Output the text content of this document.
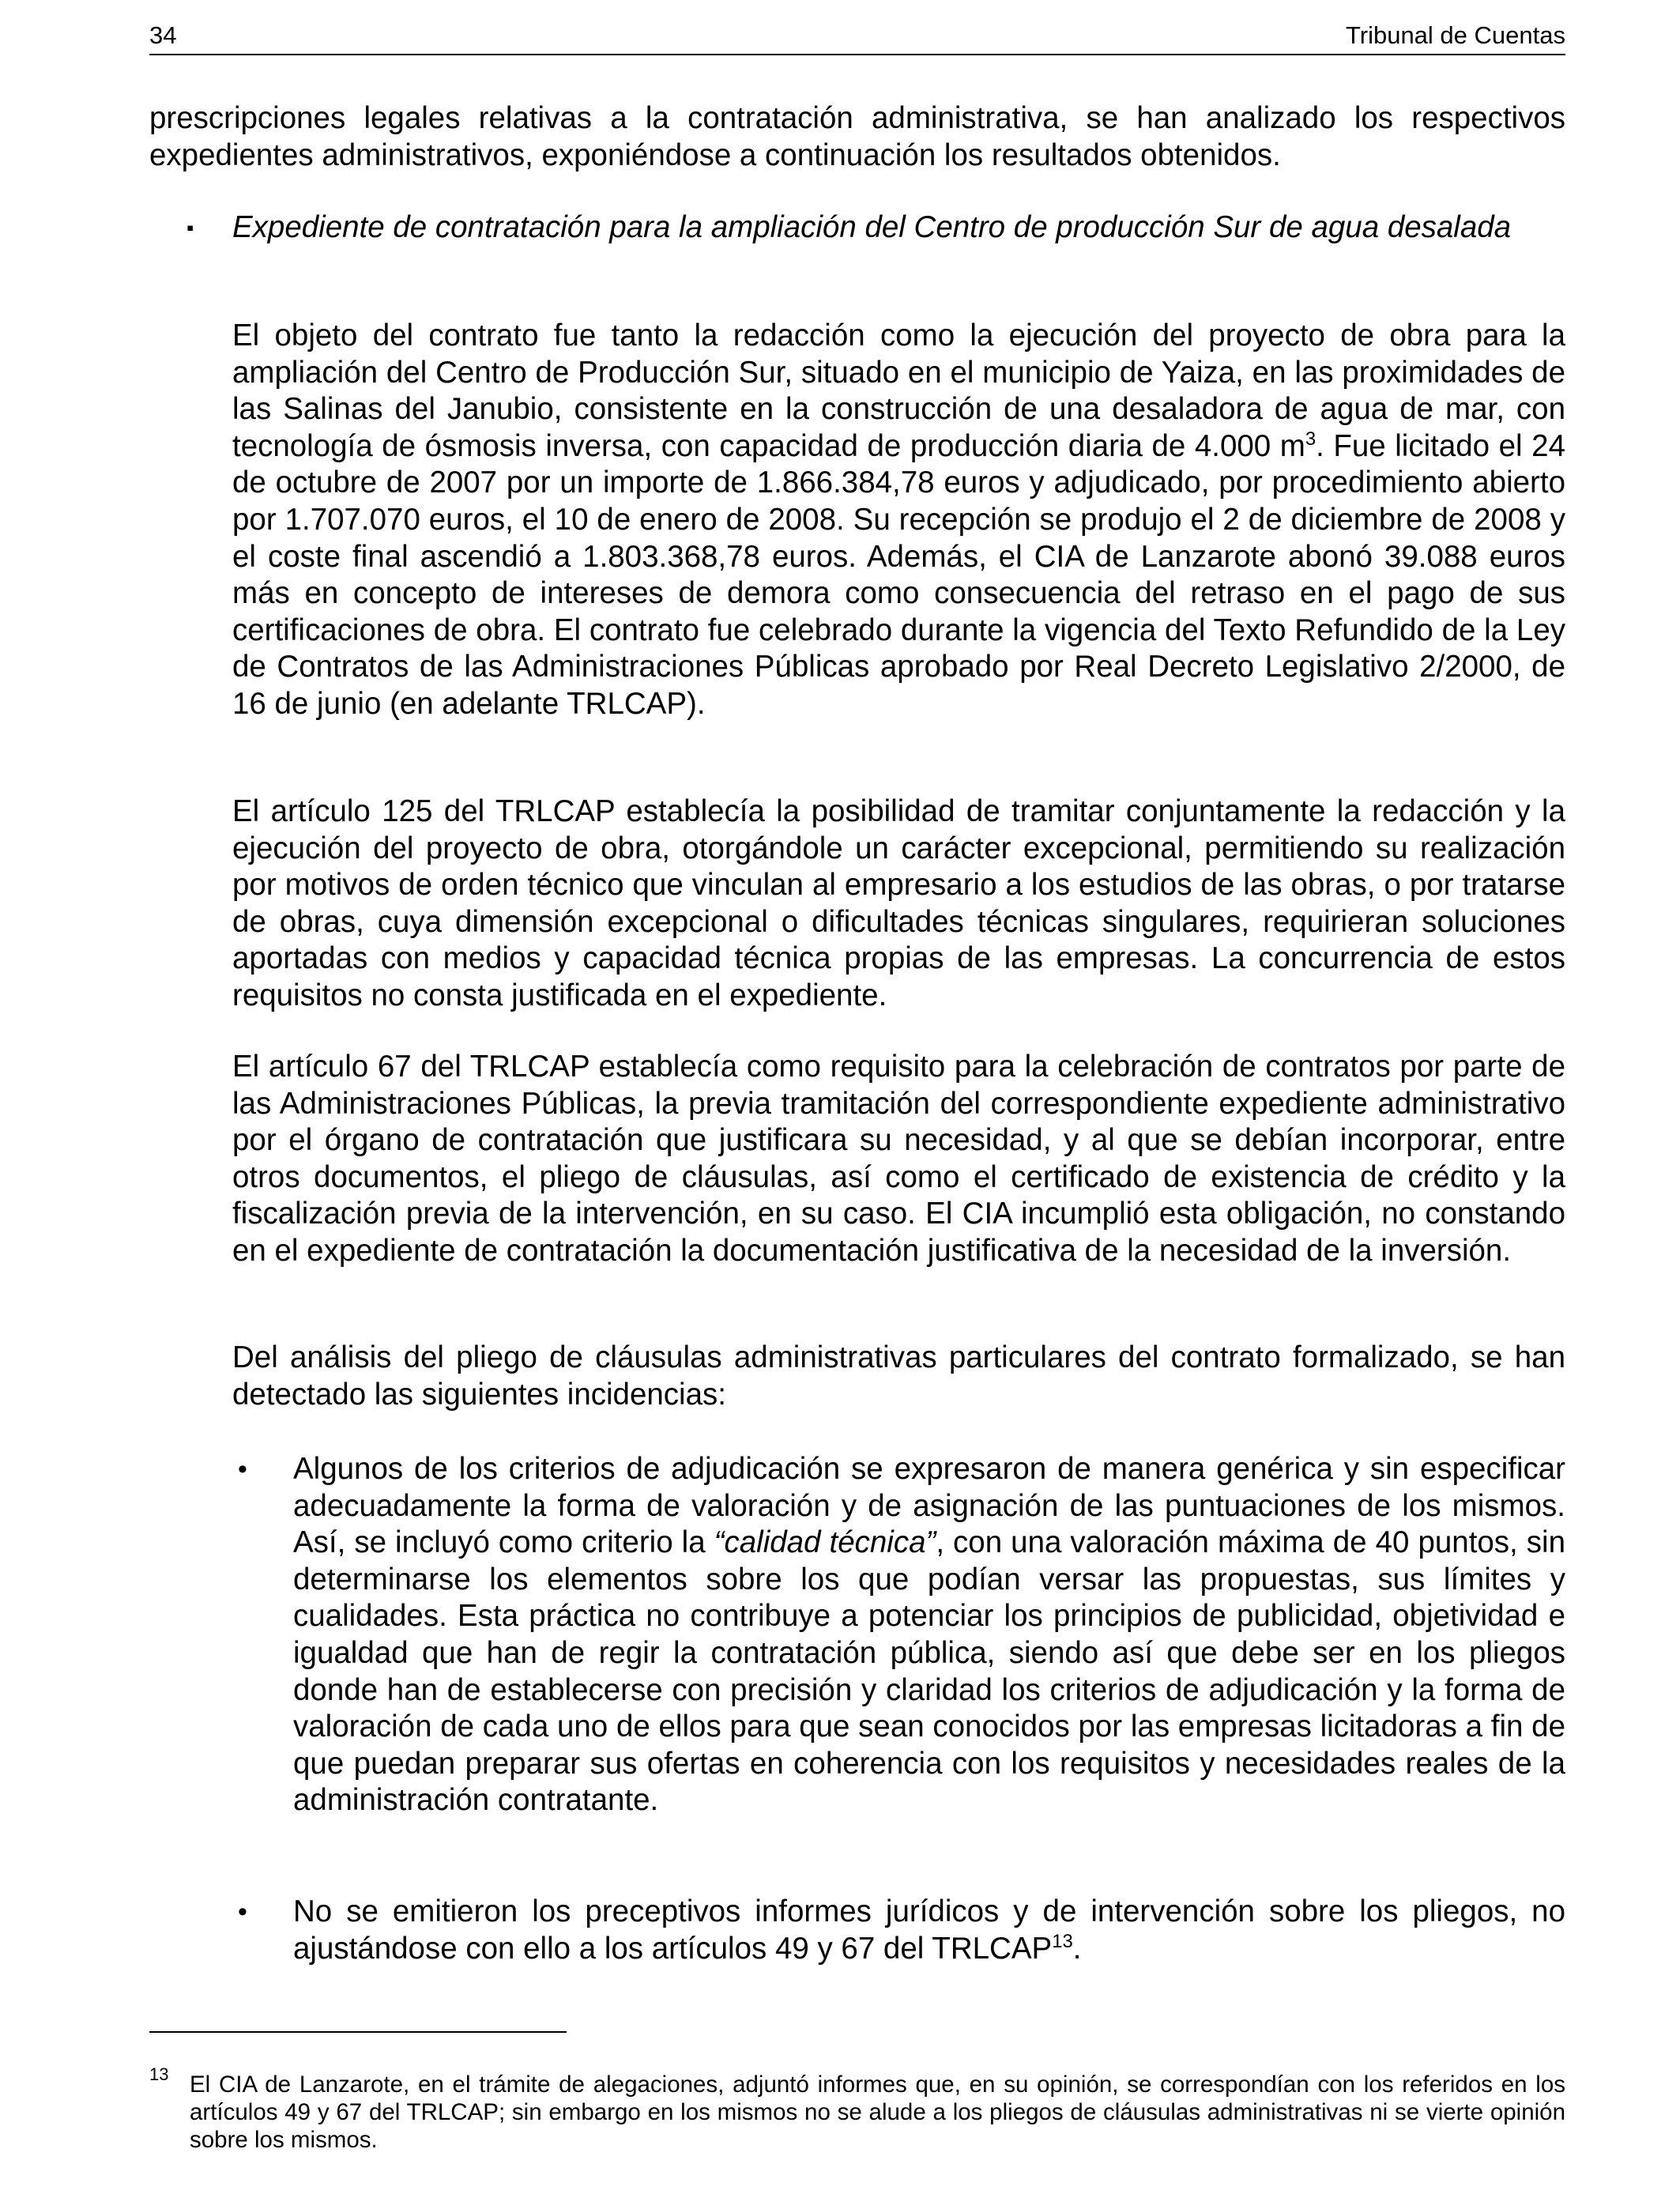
34	Tribunal de Cuentas

prescripciones legales relativas a la contratación administrativa, se han analizado los respectivos expedientes administrativos, exponiéndose a continuación los resultados obtenidos.

▪	Expediente de contratación para la ampliación del Centro de producción Sur de agua desalada

El objeto del contrato fue tanto la redacción como la ejecución del proyecto de obra para la ampliación del Centro de Producción Sur, situado en el municipio de Yaiza, en las proximidades de las Salinas del Janubio, consistente en la construcción de una desaladora de agua de mar, con tecnología de ósmosis inversa, con capacidad de producción diaria de 4.000 $m^3$. Fue licitado el 24 de octubre de 2007 por un importe de 1.866.384,78 euros y adjudicado, por procedimiento abierto por 1.707.070 euros, el 10 de enero de 2008. Su recepción se produjo el 2 de diciembre de 2008 y el coste final ascendió a 1.803.368,78 euros. Además, el CIA de Lanzarote abonó 39.088 euros más en concepto de intereses de demora como consecuencia del retraso en el pago de sus certificaciones de obra. El contrato fue celebrado durante la vigencia del Texto Refundido de la Ley de Contratos de las Administraciones Públicas aprobado por Real Decreto Legislativo 2/2000, de 16 de junio (en adelante TRLCAP).

El artículo 125 del TRLCAP establecía la posibilidad de tramitar conjuntamente la redacción y la ejecución del proyecto de obra, otorgándole un carácter excepcional, permitiendo su realización por motivos de orden técnico que vinculan al empresario a los estudios de las obras, o por tratarse de obras, cuya dimensión excepcional o dificultades técnicas singulares, requirieran soluciones aportadas con medios y capacidad técnica propias de las empresas. La concurrencia de estos requisitos no consta justificada en el expediente.

El artículo 67 del TRLCAP establecía como requisito para la celebración de contratos por parte de las Administraciones Públicas, la previa tramitación del correspondiente expediente administrativo por el órgano de contratación que justificara su necesidad, y al que se debían incorporar, entre otros documentos, el pliego de cláusulas, así como el certificado de existencia de crédito y la fiscalización previa de la intervención, en su caso. El CIA incumplió esta obligación, no constando en el expediente de contratación la documentación justificativa de la necesidad de la inversión.

Del análisis del pliego de cláusulas administrativas particulares del contrato formalizado, se han detectado las siguientes incidencias:

• Algunos de los criterios de adjudicación se expresaron de manera genérica y sin especificar adecuadamente la forma de valoración y de asignación de las puntuaciones de los mismos. Así, se incluyó como criterio la “calidad técnica”, con una valoración máxima de 40 puntos, sin determinarse los elementos sobre los que podían versar las propuestas, sus límites y cualidades. Esta práctica no contribuye a potenciar los principios de publicidad, objetividad e igualdad que han de regir la contratación pública, siendo así que debe ser en los pliegos donde han de establecerse con precisión y claridad los criterios de adjudicación y la forma de valoración de cada uno de ellos para que sean conocidos por las empresas licitadoras a fin de que puedan preparar sus ofertas en coherencia con los requisitos y necesidades reales de la administración contratante.

• No se emitieron los preceptivos informes jurídicos y de intervención sobre los pliegos, no ajustándose con ello a los artículos 49 y 67 del TRLCAP$^{13}$.

13 El CIA de Lanzarote, en el trámite de alegaciones, adjuntó informes que, en su opinión, se correspondían con los referidos en los artículos 49 y 67 del TRLCAP; sin embargo en los mismos no se alude a los pliegos de cláusulas administrativas ni se vierte opinión sobre los mismos.
